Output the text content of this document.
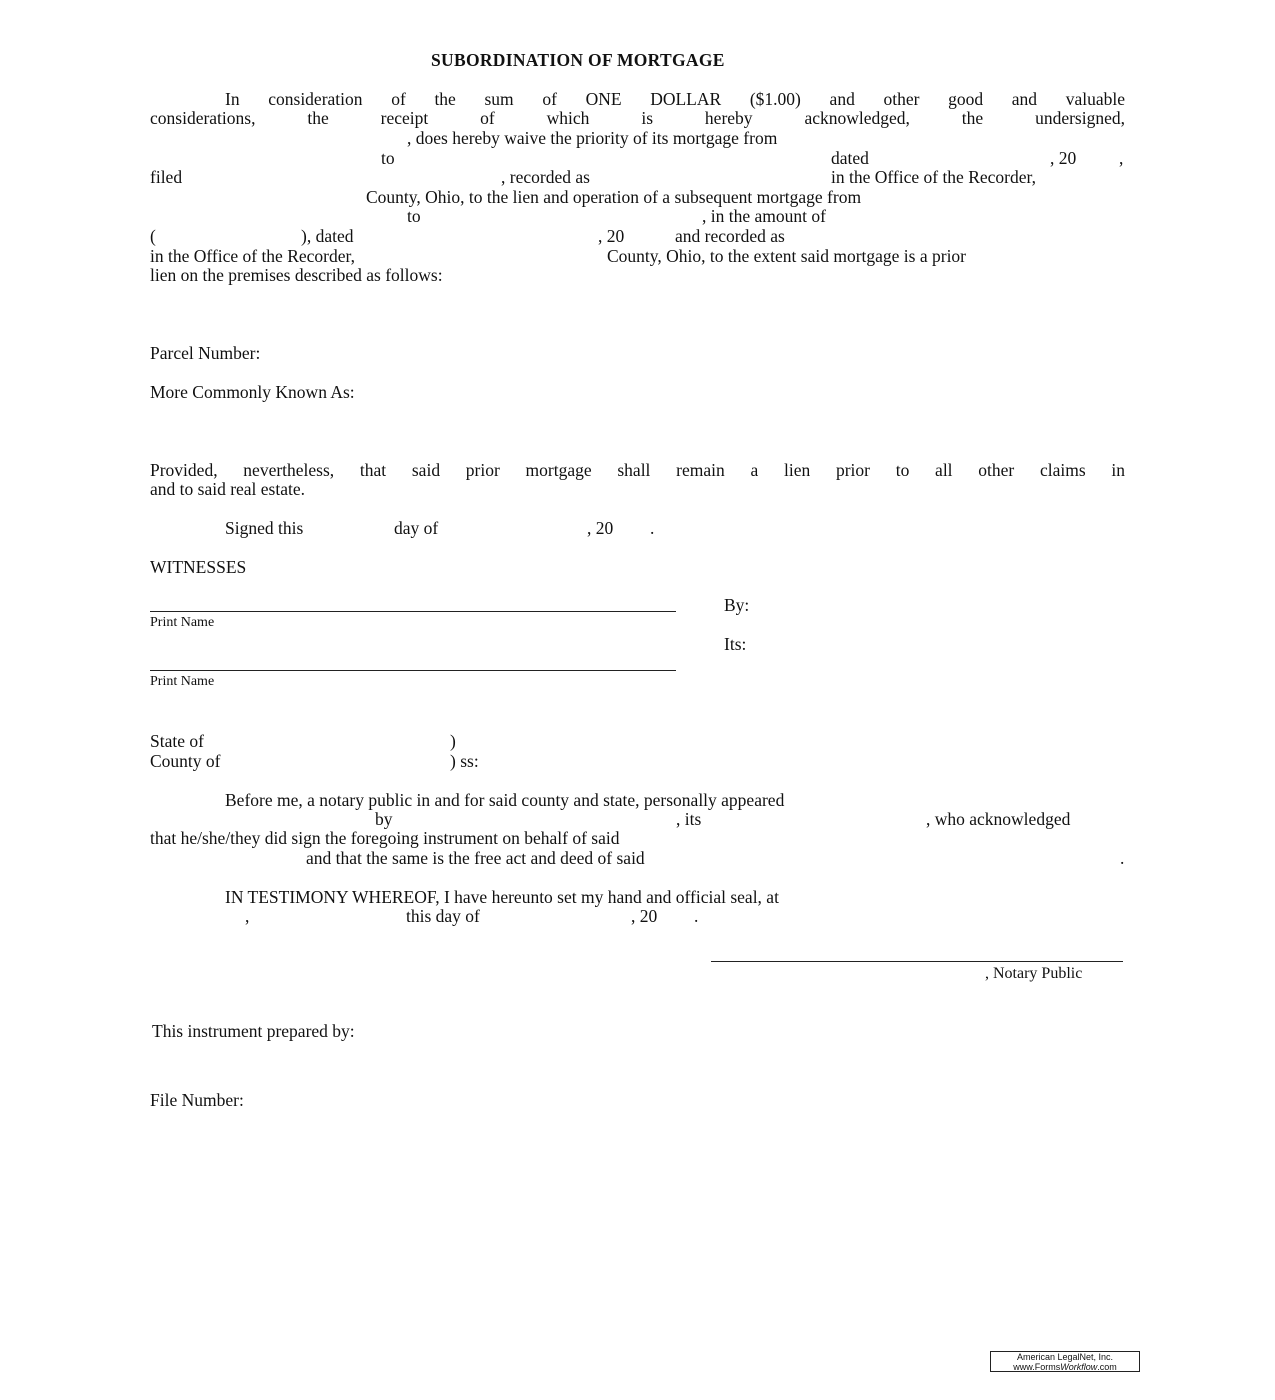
SUBORDINATION OF MORTGAGE
In consideration of the sum of ONE DOLLAR ($1.00) and other good and valuable
considerations, the receipt of which is hereby acknowledged, the undersigned,
, does hereby waive the priority of its mortgage from
to	dated	, 20 ,
filed	, recorded as	in the Office of the Recorder,
County, Ohio, to the lien and operation of a subsequent mortgage from
to	, in the amount of
(	), dated	, 20	and recorded as
in the Office of the Recorder,	County, Ohio, to the extent said mortgage is a prior
lien on the premises described as follows:
Parcel Number:
More Commonly Known As:
Provided, nevertheless, that said prior mortgage shall remain a lien prior to all other claims in
and to said real estate.
Signed this	day of	, 20 .
WITNESSES
Print Name
By:
Its:
Print Name
State of	)
County of	) ss:
Before me, a notary public in and for said county and state, personally appeared
by	, its	, who acknowledged
that he/she/they did sign the foregoing instrument on behalf of said
and that the same is the free act and deed of said	.
IN TESTIMONY WHEREOF, I have hereunto set my hand and official seal, at
,	this day of	, 20 .
, Notary Public
This instrument prepared by:
File Number:
American LegalNet, Inc.
www.FormsWorkflow.com
